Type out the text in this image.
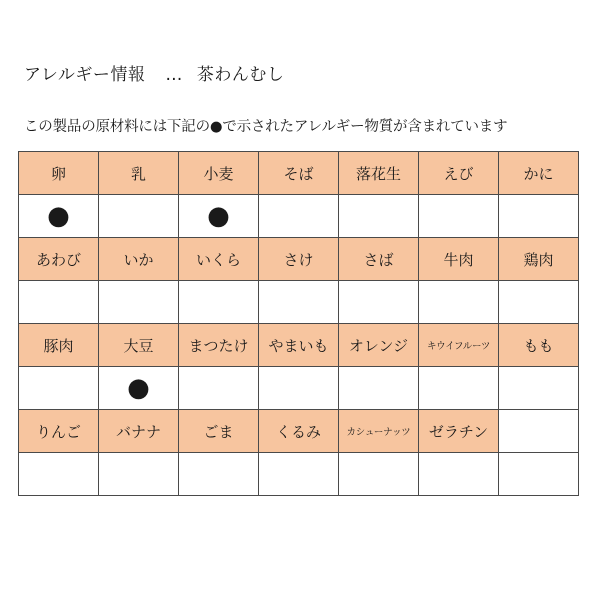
アレルギー情報 … 茶わんむし
この製品の原材料には下記の●で示されたアレルギー物質が含まれています
卵	乳	小麦	そば	落花生	えび	かに
●		●				
あわび	いか	いくら	さけ	さば	牛肉	鶏肉

豚肉	大豆	まつたけ	やまいも	オレンジ	キウイフルーツ	もも
	●					
りんご	バナナ	ごま	くるみ	カシューナッツ	ゼラチン	
